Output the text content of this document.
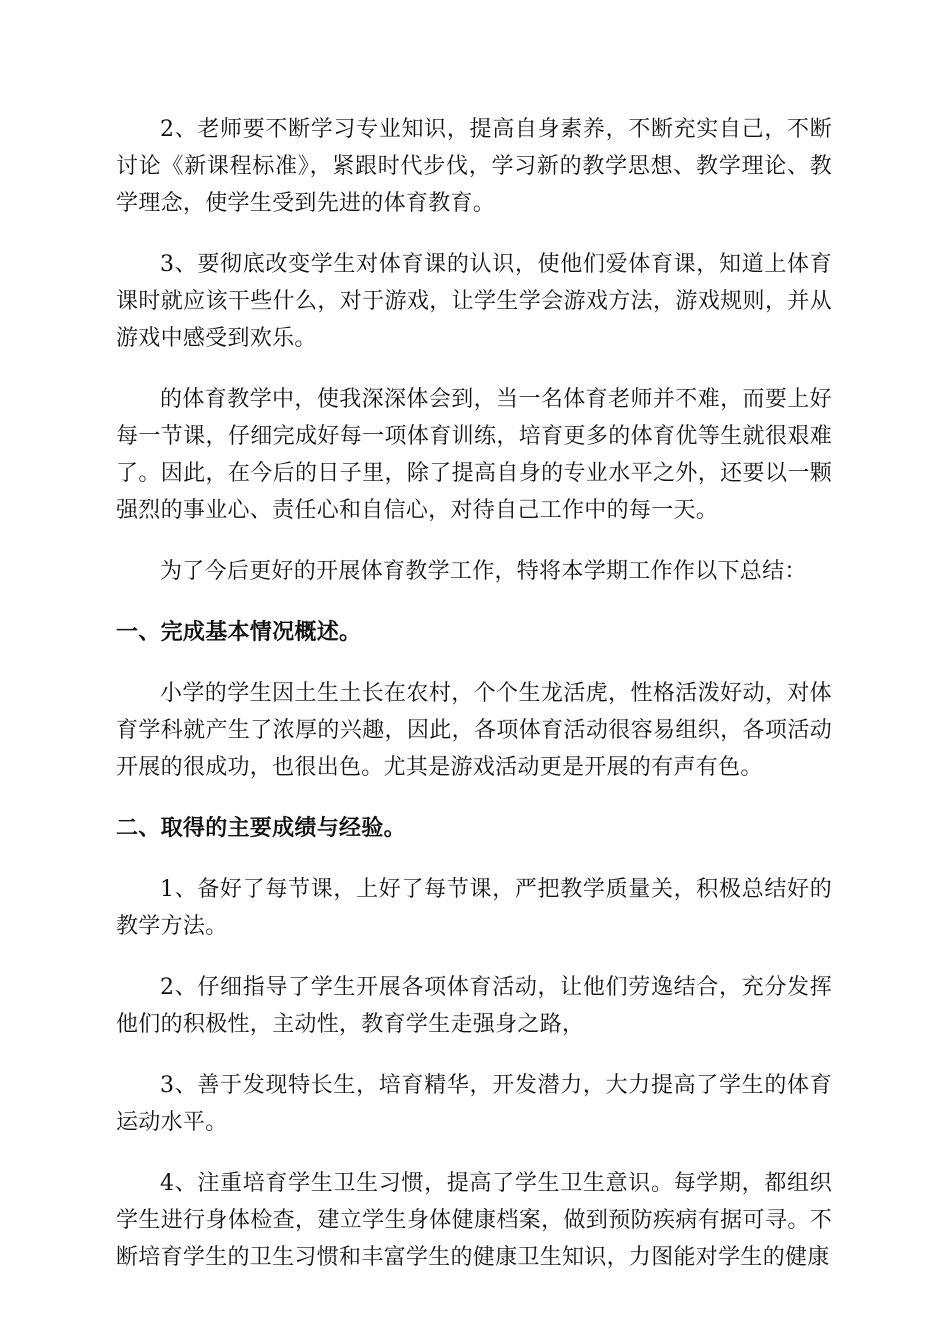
2、老师要不断学习专业知识，提高自身素养，不断充实自己，不断讨论《新课程标准》，紧跟时代步伐，学习新的教学思想、教学理论、教学理念，使学生受到先进的体育教育。

3、要彻底改变学生对体育课的认识，使他们爱体育课，知道上体育课时就应该干些什么，对于游戏，让学生学会游戏方法，游戏规则，并从游戏中感受到欢乐。

的体育教学中，使我深深体会到，当一名体育老师并不难，而要上好每一节课，仔细完成好每一项体育训练，培育更多的体育优等生就很艰难了。因此，在今后的日子里，除了提高自身的专业水平之外，还要以一颗强烈的事业心、责任心和自信心，对待自己工作中的每一天。

为了今后更好的开展体育教学工作，特将本学期工作作以下总结：

一、完成基本情况概述。

小学的学生因土生土长在农村，个个生龙活虎，性格活泼好动，对体育学科就产生了浓厚的兴趣，因此，各项体育活动很容易组织，各项活动开展的很成功，也很出色。尤其是游戏活动更是开展的有声有色。

二、取得的主要成绩与经验。

1、备好了每节课，上好了每节课，严把教学质量关，积极总结好的教学方法。

2、仔细指导了学生开展各项体育活动，让他们劳逸结合，充分发挥他们的积极性，主动性，教育学生走强身之路，

3、善于发现特长生，培育精华，开发潜力，大力提高了学生的体育运动水平。

4、注重培育学生卫生习惯，提高了学生卫生意识。每学期，都组织学生进行身体检查，建立学生身体健康档案，做到预防疾病有据可寻。不断培育学生的卫生习惯和丰富学生的健康卫生知识，力图能对学生的健康
